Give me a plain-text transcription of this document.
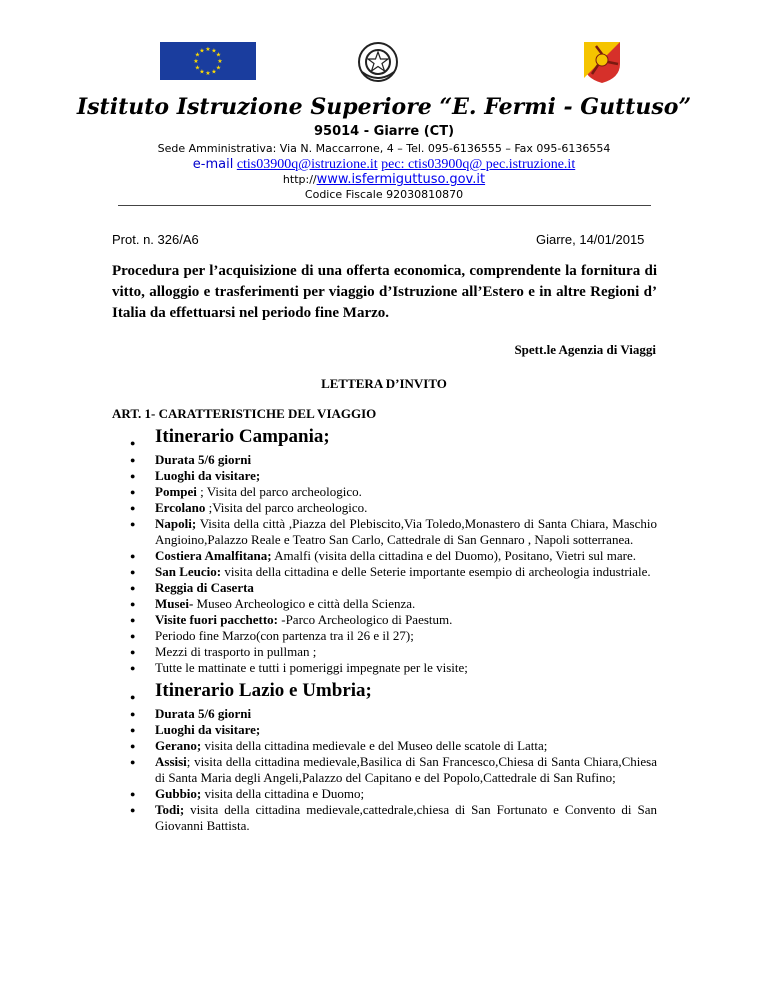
★ ★
★
★
★
★
★
★
★
★
★
★
Istituto Istruzione Superiore “E. Fermi - Guttuso”
95014 - Giarre (CT)
Sede Amministrativa: Via N. Maccarrone, 4 – Tel. 095-6136555 – Fax 095-6136554
e-mail ctis03900q@istruzione.it pec: ctis03900q@ pec.istruzione.it
http://www.isfermiguttuso.gov.it
Codice Fiscale 92030810870
Prot. n. 326/A6	Giarre, 14/01/2015
Procedura per l’acquisizione di una offerta economica, comprendente la fornitura di vitto, alloggio e trasferimenti per viaggio d’Istruzione all’Estero e in altre Regioni d’ Italia da effettuarsi nel periodo fine Marzo.
Spett.le Agenzia di Viaggi
LETTERA D’INVITO
ART. 1- CARATTERISTICHE DEL VIAGGIO
● Itinerario Campania;
● Durata 5/6 giorni
● Luoghi da visitare;
● Pompei ; Visita del parco archeologico.
● Ercolano ;Visita del parco archeologico.
● Napoli; Visita della città ,Piazza del Plebiscito,Via Toledo,Monastero di Santa Chiara, Maschio Angioino,Palazzo Reale e Teatro San Carlo, Cattedrale di San Gennaro , Napoli sotterranea.
● Costiera Amalfitana; Amalfi (visita della cittadina e del Duomo), Positano, Vietri sul mare.
● San Leucio: visita della cittadina e delle Seterie importante esempio di archeologia industriale.
● Reggia di Caserta
● Musei- Museo Archeologico e città della Scienza.
● Visite fuori pacchetto: -Parco Archeologico di Paestum.
● Periodo fine Marzo(con partenza tra il 26 e il 27);
● Mezzi di trasporto in pullman ;
● Tutte le mattinate e tutti i pomeriggi impegnate per le visite;
● Itinerario Lazio e Umbria;
● Durata 5/6 giorni
● Luoghi da visitare;
● Gerano; visita della cittadina medievale e del Museo delle scatole di Latta;
● Assisi; visita della cittadina medievale,Basilica di San Francesco,Chiesa di Santa Chiara,Chiesa di Santa Maria degli Angeli,Palazzo del Capitano e del Popolo,Cattedrale di San Rufino;
● Gubbio; visita della cittadina e Duomo;
● Todi; visita della cittadina medievale,cattedrale,chiesa di San Fortunato e Convento di San Giovanni Battista.
